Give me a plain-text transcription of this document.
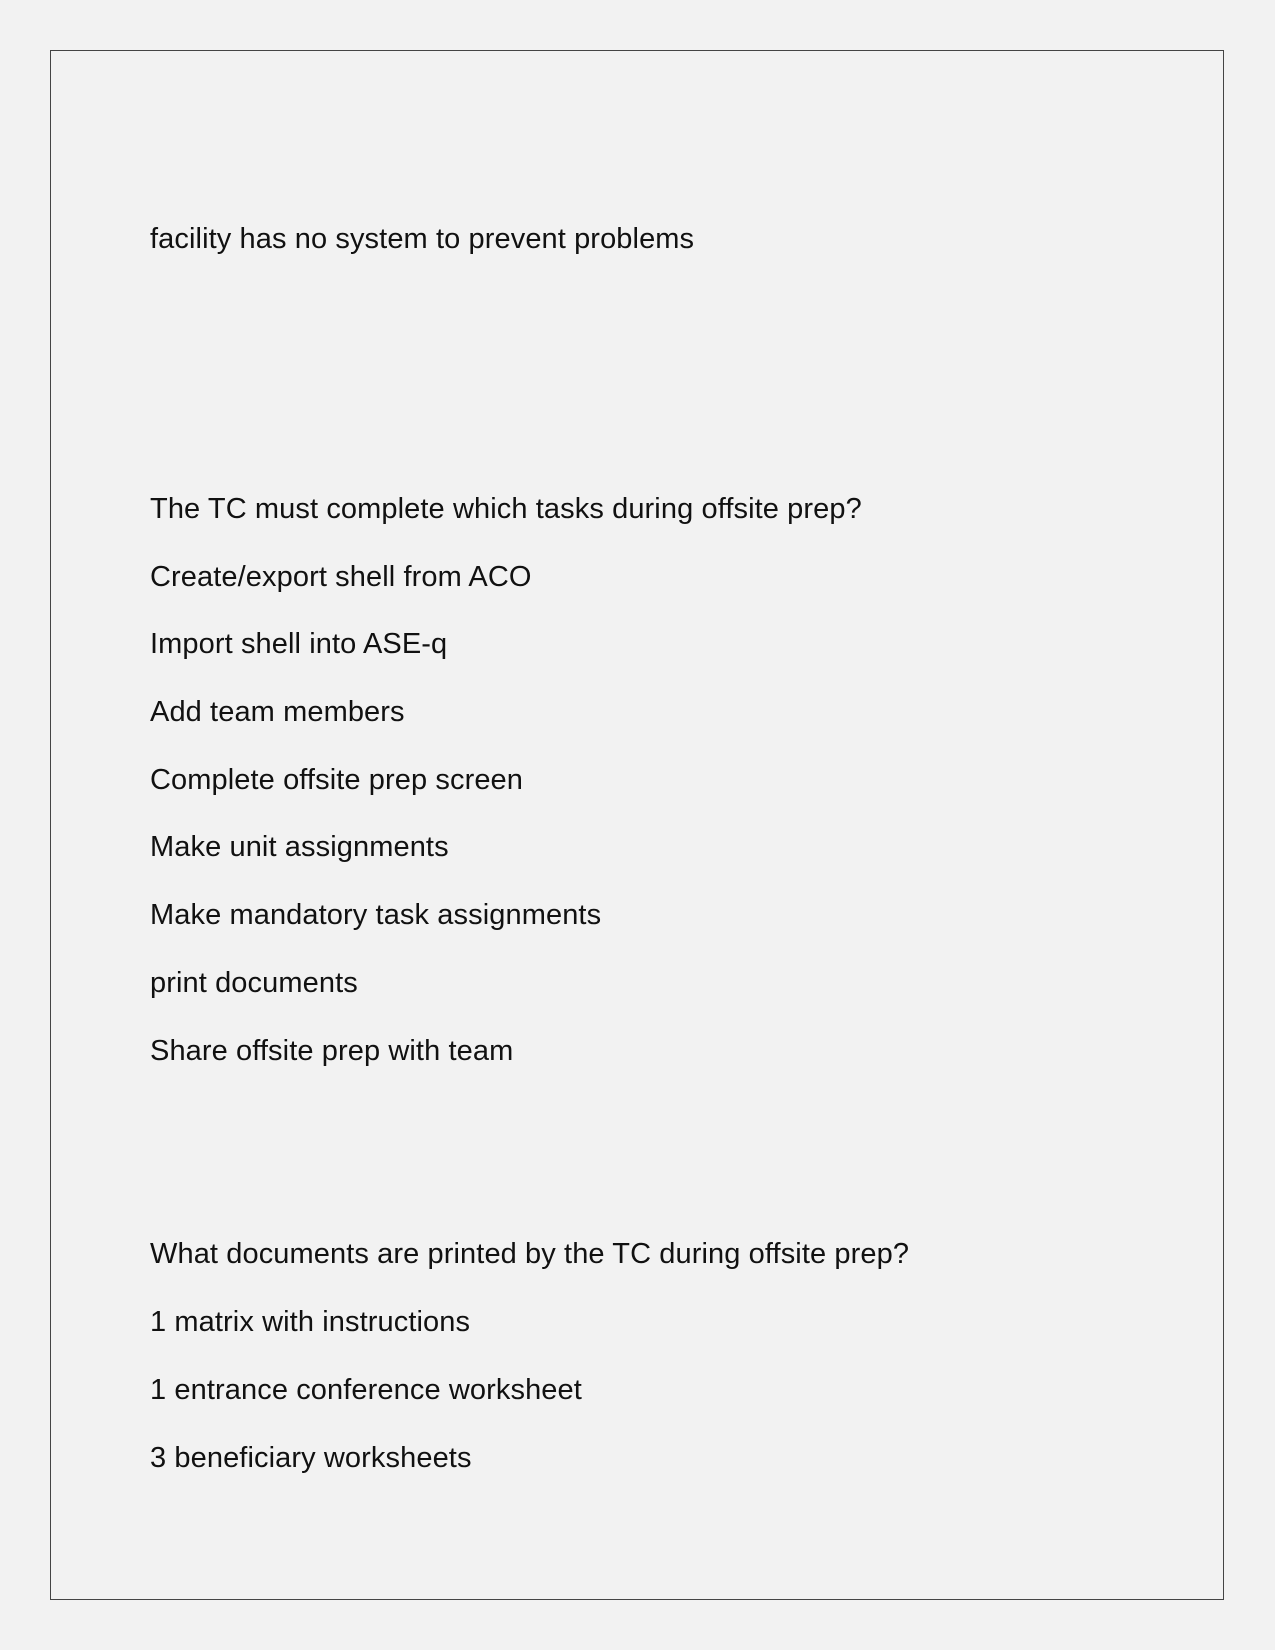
facility has no system to prevent problems

The TC must complete which tasks during offsite prep?

Create/export shell from ACO

Import shell into ASE-q

Add team members

Complete offsite prep screen

Make unit assignments

Make mandatory task assignments

print documents

Share offsite prep with team

What documents are printed by the TC during offsite prep?

1 matrix with instructions

1 entrance conference worksheet

3 beneficiary worksheets
